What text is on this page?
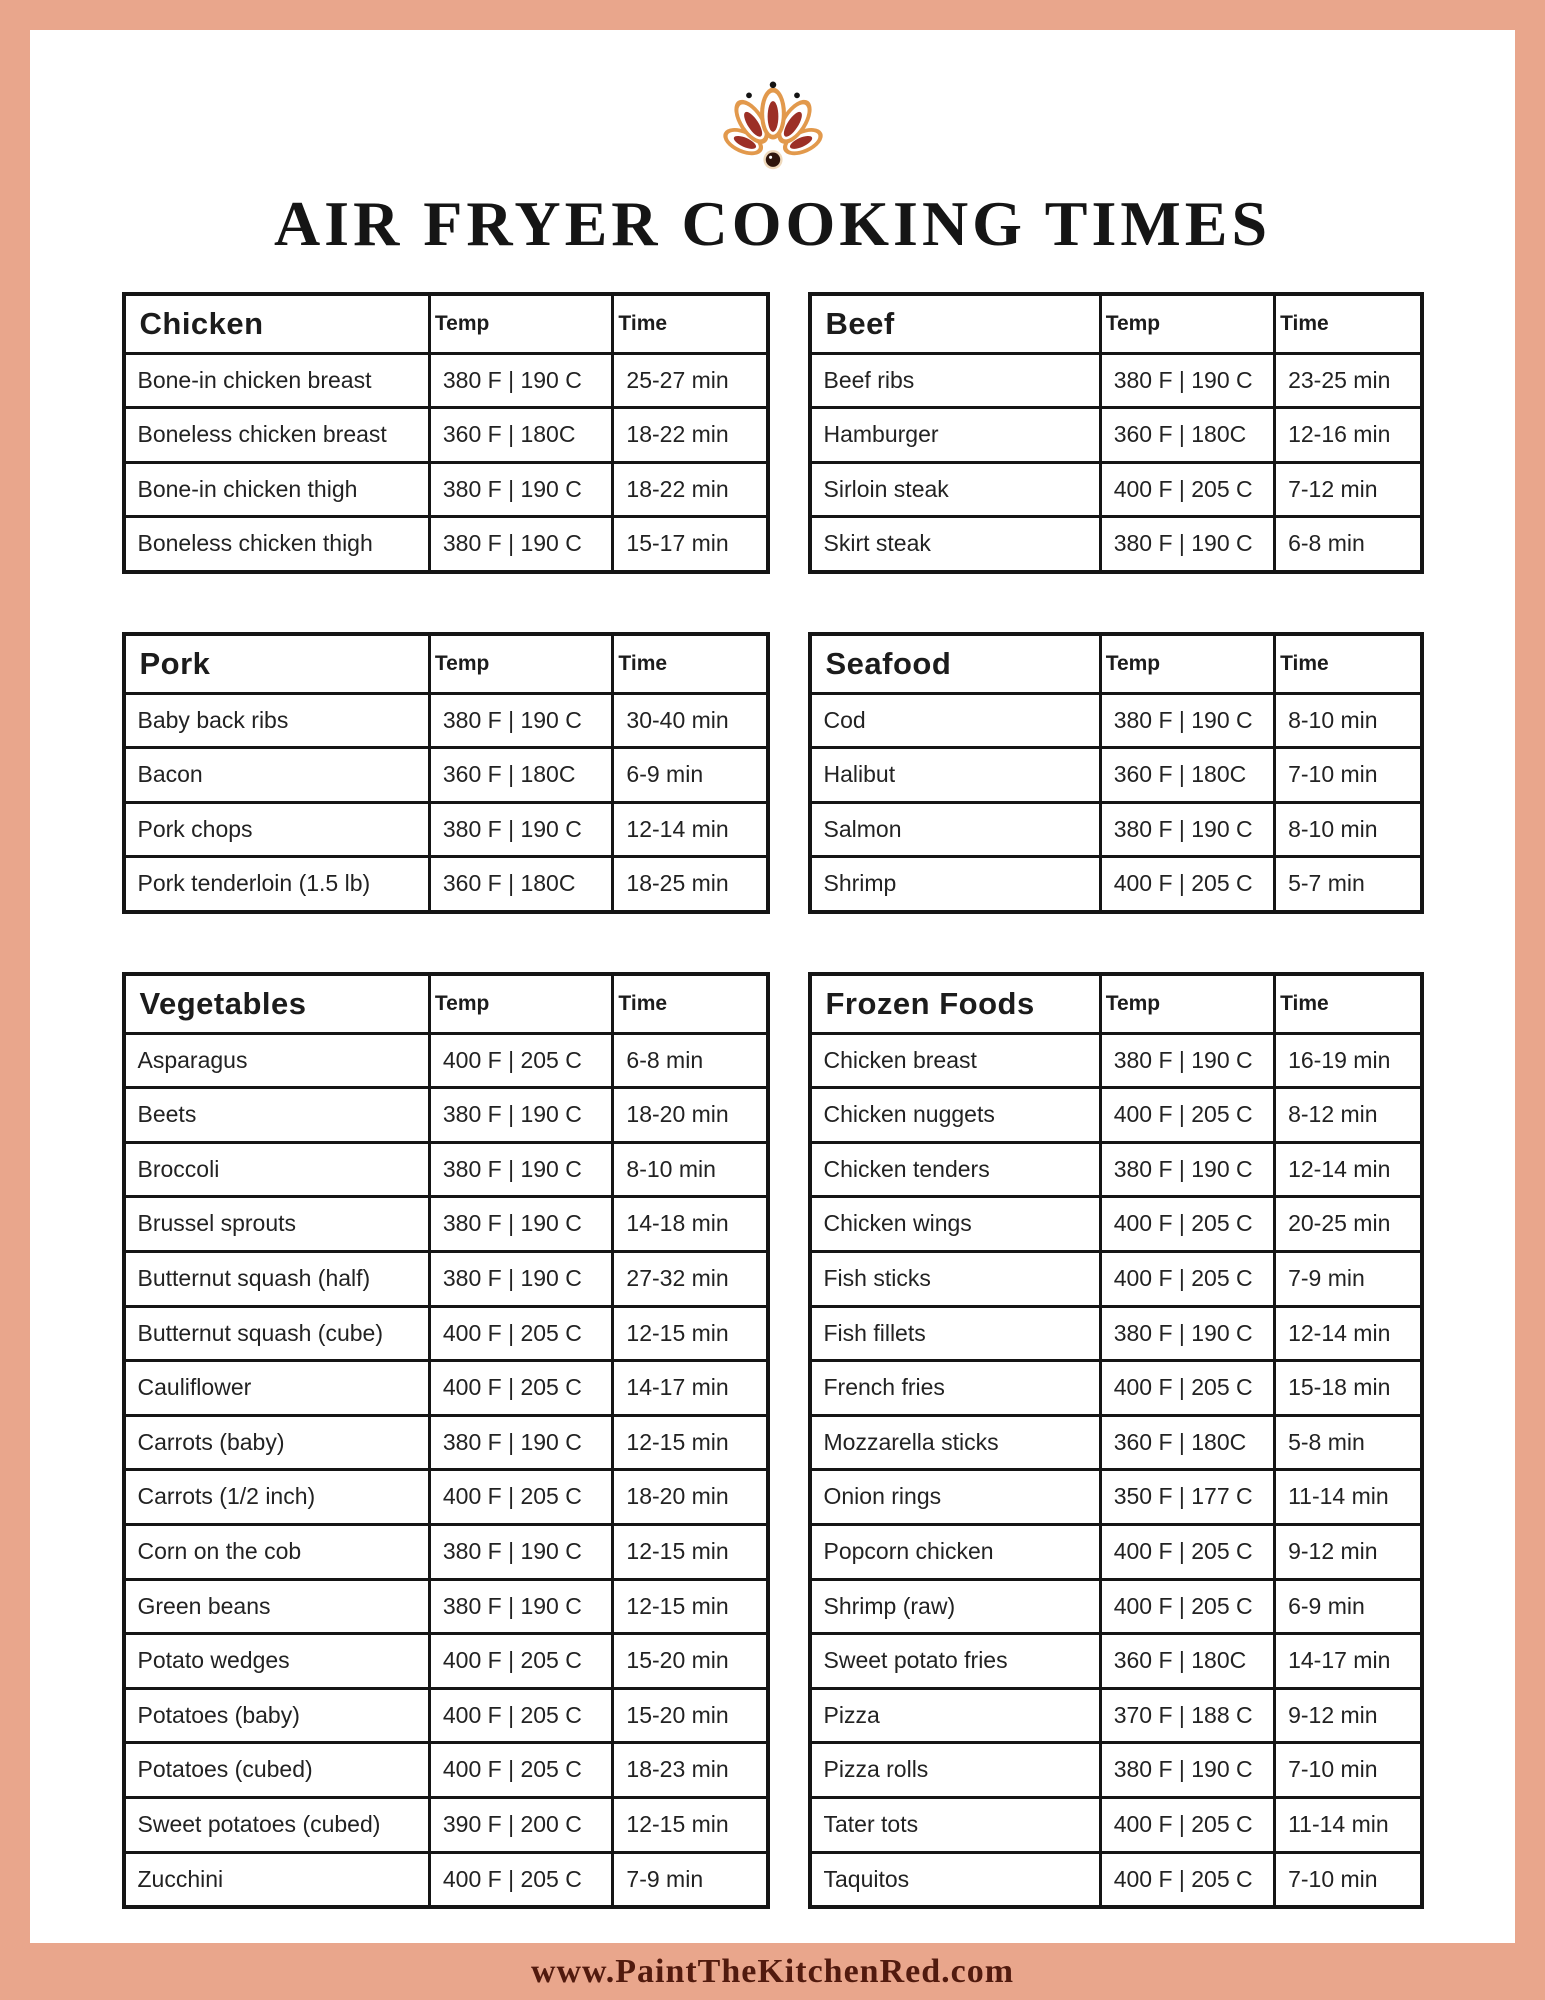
AIR FRYER COOKING TIMES
Chicken	Temp	Time
Bone-in chicken breast	380 F | 190 C	25-27 min
Boneless chicken breast	360 F | 180C	18-22 min
Bone-in chicken thigh	380 F | 190 C	18-22 min
Boneless chicken thigh	380 F | 190 C	15-17 min
Beef	Temp	Time
Beef ribs	380 F | 190 C	23-25 min
Hamburger	360 F | 180C	12-16 min
Sirloin steak	400 F | 205 C	7-12 min
Skirt steak	380 F | 190 C	6-8 min
Pork	Temp	Time
Baby back ribs	380 F | 190 C	30-40 min
Bacon	360 F | 180C	6-9 min
Pork chops	380 F | 190 C	12-14 min
Pork tenderloin (1.5 lb)	360 F | 180C	18-25 min
Seafood	Temp	Time
Cod	380 F | 190 C	8-10 min
Halibut	360 F | 180C	7-10 min
Salmon	380 F | 190 C	8-10 min
Shrimp	400 F | 205 C	5-7 min
Vegetables	Temp	Time
Asparagus	400 F | 205 C	6-8 min
Beets	380 F | 190 C	18-20 min
Broccoli	380 F | 190 C	8-10 min
Brussel sprouts	380 F | 190 C	14-18 min
Butternut squash (half)	380 F | 190 C	27-32 min
Butternut squash (cube)	400 F | 205 C	12-15 min
Cauliflower	400 F | 205 C	14-17 min
Carrots (baby)	380 F | 190 C	12-15 min
Carrots (1/2 inch)	400 F | 205 C	18-20 min
Corn on the cob	380 F | 190 C	12-15 min
Green beans	380 F | 190 C	12-15 min
Potato wedges	400 F | 205 C	15-20 min
Potatoes (baby)	400 F | 205 C	15-20 min
Potatoes (cubed)	400 F | 205 C	18-23 min
Sweet potatoes (cubed)	390 F | 200 C	12-15 min
Zucchini	400 F | 205 C	7-9 min
Frozen Foods	Temp	Time
Chicken breast	380 F | 190 C	16-19 min
Chicken nuggets	400 F | 205 C	8-12 min
Chicken tenders	380 F | 190 C	12-14 min
Chicken wings	400 F | 205 C	20-25 min
Fish sticks	400 F | 205 C	7-9 min
Fish fillets	380 F | 190 C	12-14 min
French fries	400 F | 205 C	15-18 min
Mozzarella sticks	360 F | 180C	5-8 min
Onion rings	350 F | 177 C	11-14 min
Popcorn chicken	400 F | 205 C	9-12 min
Shrimp (raw)	400 F | 205 C	6-9 min
Sweet potato fries	360 F | 180C	14-17 min
Pizza	370 F | 188 C	9-12 min
Pizza rolls	380 F | 190 C	7-10 min
Tater tots	400 F | 205 C	11-14 min
Taquitos	400 F | 205 C	7-10 min
www.PaintTheKitchenRed.com
